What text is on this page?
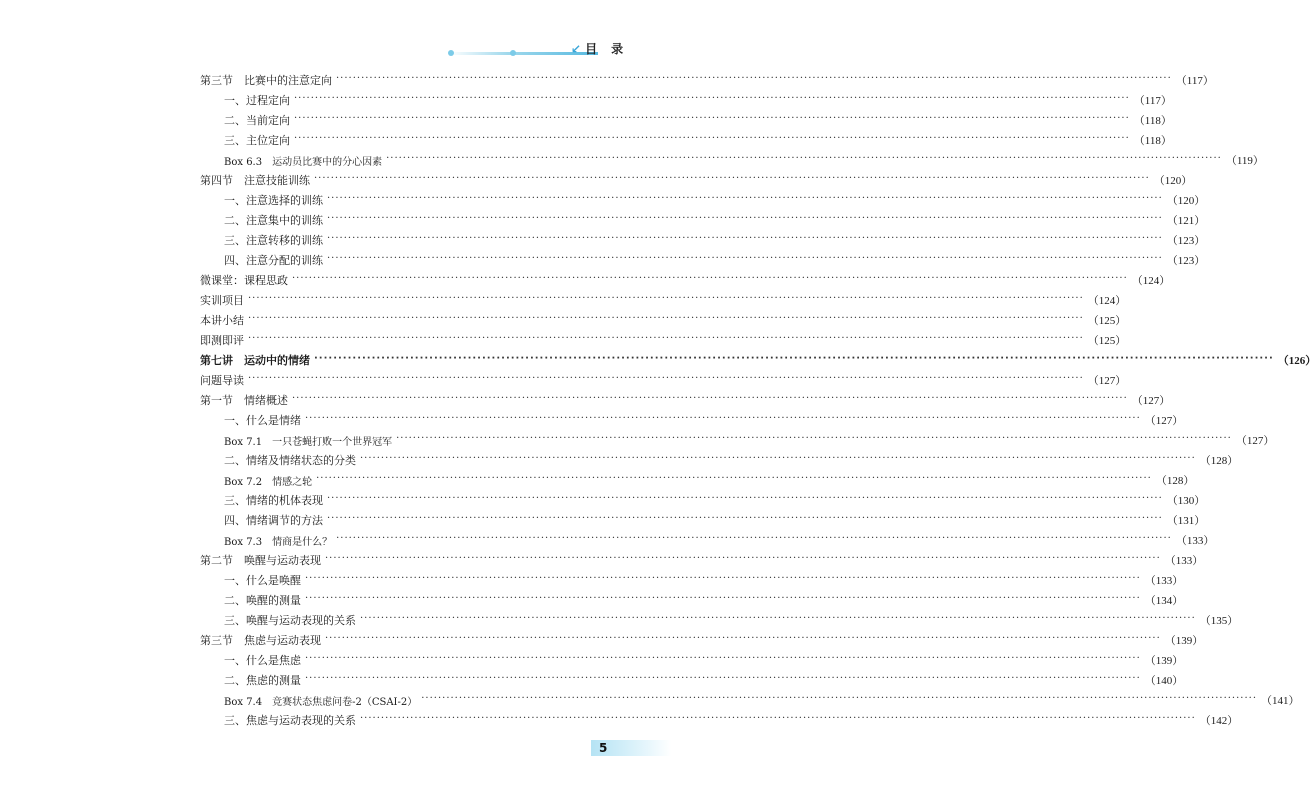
↙ 目 录
第三节　比赛中的注意定向 ········································································································································································································ （117）
一、过程定向 ········································································································································································································ （117）
二、当前定向 ········································································································································································································ （118）
三、主位定向 ········································································································································································································ （118）
Box 6.3　运动员比赛中的分心因素 ········································································································································································································ （119）
第四节　注意技能训练 ········································································································································································································ （120）
一、注意选择的训练 ········································································································································································································ （120）
二、注意集中的训练 ········································································································································································································ （121）
三、注意转移的训练 ········································································································································································································ （123）
四、注意分配的训练 ········································································································································································································ （123）
微课堂：课程思政 ········································································································································································································ （124）
实训项目 ········································································································································································································ （124）
本讲小结 ········································································································································································································ （125）
即测即评 ········································································································································································································ （125）
第七讲　运动中的情绪 ········································································································································································································ （126）
问题导读 ········································································································································································································ （127）
第一节　情绪概述 ········································································································································································································ （127）
一、什么是情绪 ········································································································································································································ （127）
Box 7.1　一只苍蝇打败一个世界冠军 ········································································································································································································ （127）
二、情绪及情绪状态的分类 ········································································································································································································ （128）
Box 7.2　情感之轮 ········································································································································································································ （128）
三、情绪的机体表现 ········································································································································································································ （130）
四、情绪调节的方法 ········································································································································································································ （131）
Box 7.3　情商是什么？ ········································································································································································································ （133）
第二节　唤醒与运动表现 ········································································································································································································ （133）
一、什么是唤醒 ········································································································································································································ （133）
二、唤醒的测量 ········································································································································································································ （134）
三、唤醒与运动表现的关系 ········································································································································································································ （135）
第三节　焦虑与运动表现 ········································································································································································································ （139）
一、什么是焦虑 ········································································································································································································ （139）
二、焦虑的测量 ········································································································································································································ （140）
Box 7.4　竞赛状态焦虑问卷-2（CSAI-2） ········································································································································································································ （141）
三、焦虑与运动表现的关系 ········································································································································································································ （142）
5
